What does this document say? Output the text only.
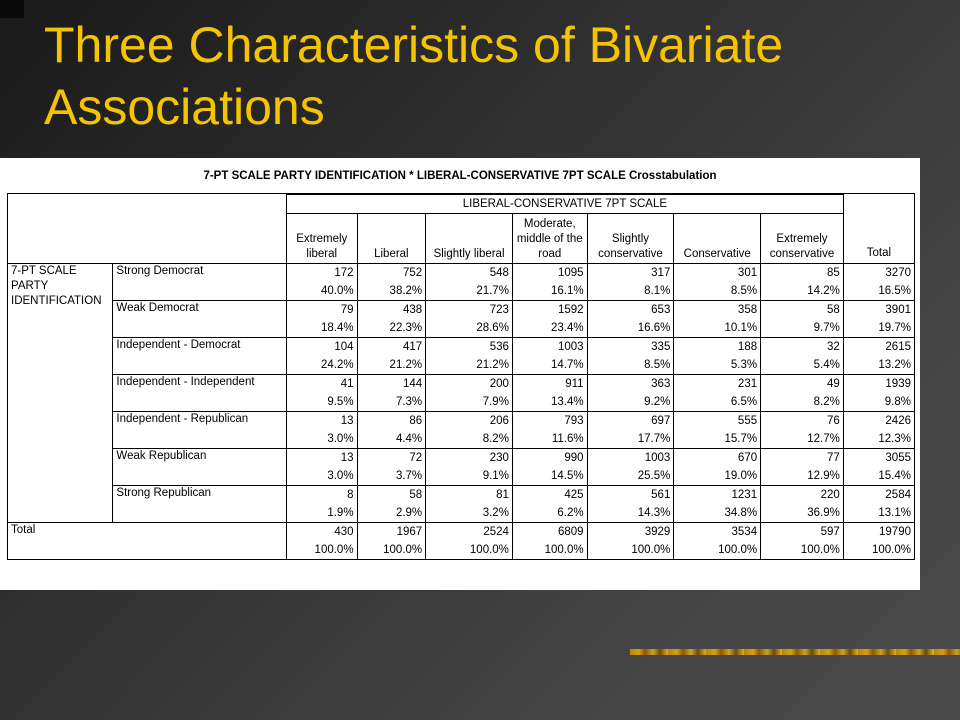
Three Characteristics of Bivariate Associations
7-PT SCALE PARTY IDENTIFICATION * LIBERAL-CONSERVATIVE 7PT SCALE Crosstabulation
		LIBERAL-CONSERVATIVE 7PT SCALE							Total
		Extremely liberal	Liberal	Slightly liberal	Moderate, middle of the road	Slightly conservative	Conservative	Extremely conservative	
7-PT SCALE PARTY IDENTIFICATION	Strong Democrat	172	752	548	1095	317	301	85	3270
		40.0%	38.2%	21.7%	16.1%	8.1%	8.5%	14.2%	16.5%
	Weak Democrat	79	438	723	1592	653	358	58	3901
		18.4%	22.3%	28.6%	23.4%	16.6%	10.1%	9.7%	19.7%
	Independent - Democrat	104	417	536	1003	335	188	32	2615
		24.2%	21.2%	21.2%	14.7%	8.5%	5.3%	5.4%	13.2%
	Independent - Independent	41	144	200	911	363	231	49	1939
		9.5%	7.3%	7.9%	13.4%	9.2%	6.5%	8.2%	9.8%
	Independent - Republican	13	86	206	793	697	555	76	2426
		3.0%	4.4%	8.2%	11.6%	17.7%	15.7%	12.7%	12.3%
	Weak Republican	13	72	230	990	1003	670	77	3055
		3.0%	3.7%	9.1%	14.5%	25.5%	19.0%	12.9%	15.4%
	Strong Republican	8	58	81	425	561	1231	220	2584
		1.9%	2.9%	3.2%	6.2%	14.3%	34.8%	36.9%	13.1%
Total		430	1967	2524	6809	3929	3534	597	19790
		100.0%	100.0%	100.0%	100.0%	100.0%	100.0%	100.0%	100.0%
